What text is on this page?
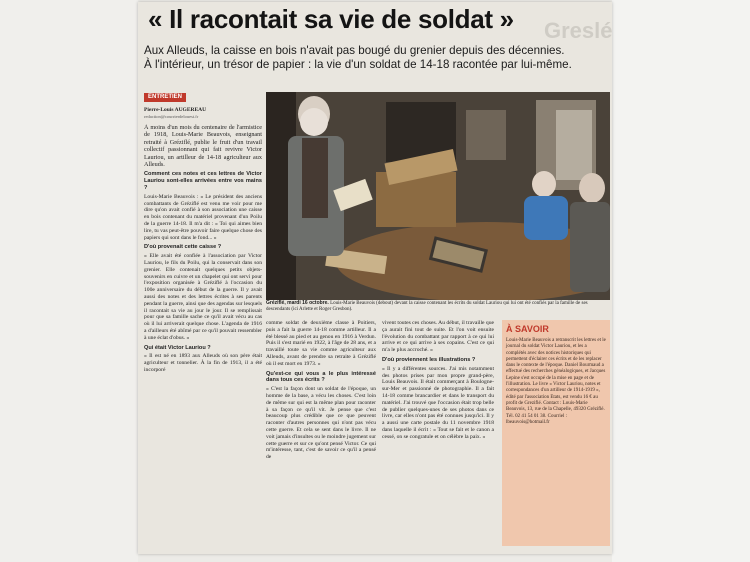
« Il racontait sa vie de soldat »	Greslé
Aux Alleuds, la caisse en bois n'avait pas bougé du grenier depuis des décennies.
À l'intérieur, un trésor de papier : la vie d'un soldat de 14-18 racontée par lui-même.
ENTRETIEN
Pierre-Louis AUGEREAU
redaction@courrierdelouest.fr

À moins d'un mois du centenaire de l'armistice de 1918, Louis-Marie Beauvois, enseignant retraité à Gréziflé, publie le fruit d'un travail collectif passionnant qui fait revivre Victor Lauriou, un artilleur de 14-18 agriculteur aux Alleuds.

Comment ces notes et ces lettres de Victor Lauriou sont-elles arrivées entre vos mains ?

Louis-Marie Beauvois : « Le président des anciens combattants de Gréziflé est venu me voir pour me dire qu'on avait confié à son association une caisse en bois contenant du matériel provenant d'un Poilu de la guerre 14-18. Il m'a dit : « Toi qui aimes bien lire, tu vas peut-être pouvoir faire quelque chose des papiers qui sont dans le fond... »

D'où provenait cette caisse ?

« Elle avait été confiée à l'association par Victor Lauriou, le fils du Poilu, qui la conservait dans son grenier. Elle contenait quelques petits objets-souvenirs en cuivre et un chapelet qui ont servi pour l'exposition organisée à Gréziflé à l'occasion du 100e anniversaire du début de la guerre. Il y avait aussi des notes et des lettres écrites à ses parents pendant la guerre, ainsi que des agendas sur lesquels il racontait sa vie au jour le jour. Il se remplissait pour que sa famille sache ce qu'il avait vécu au cas où il lui arriverait quelque chose. L'agenda de 1916 a d'ailleurs été abîmé par ce qu'il pouvait ressembler à une éclat d'obus. »

Qui était Victor Lauriou ?

« Il est né en 1893 aux Alleuds où son père était agriculteur et tonnelier. À la fin de 1913, il a été incorporé

Gréziflé, mardi 16 octobre. Louis-Marie Beauvois (debout) devant la caisse contenant les écrits du soldat Lauriou qui lui ont été confiés par la famille de ses descendants (ici Arlette et Roger Gresbon).

comme soldat de deuxième classe à Poitiers, puis a fait la guerre 14-18 comme artilleur. Il a été blessé au pied et au genou en 1916 à Verdun. Puis il s'est marié en 1922, à l'âge de 28 ans, et a travaillé toute sa vie comme agriculteur aux Alleuds, avant de prendre sa retraite à Gréziflé où il est mort en 1973. »

Qu'est-ce qui vous a le plus intéressé dans tous ces écrits ?

« C'est la façon dont un soldat de l'époque, un homme de la base, a vécu les choses. C'est loin de même sur qui est la même plan pour raconter à sa façon ce qu'il vit. Je pense que c'est beaucoup plus crédible que ce que peuvent raconter d'autres personnes qui n'ont pas vécu cette guerre. Et cela se sent dans le livre. Il ne voit jamais d'insultes ou le moindre jugement sur cette guerre et sur ce qu'ont pensé Victor. Ce qui m'intéresse, tant, c'est de savoir ce qu'il a pensé de

vivent toutes ces choses. Au début, il travaille que ça aurait fini tout de suite. Et l'on voit ensuite l'évolution du combattant par rapport à ce qui lui arrive et ce qui arrive à ses copains. C'est ce qui m'a le plus accroché. »

D'où proviennent les illustrations ?

« Il y a différentes sources. J'ai mis notamment des photos prises par mon propre grand-père, Louis Beauvois. Il était commerçant à Boulogne-sur-Mer et passionné de photographie. Il a fait 14-18 comme brancardier et dans le transport du matériel. J'ai trouvé que l'occasion était trop belle de publier quelques-unes de ses photos dans ce livre, car elles n'ont pas été connues jusqu'ici. Il y a aussi une carte postale du 11 novembre 1918 dans laquelle il écrit : « Tout se fait et le canon a cessé, on se congratule et on célèbre la paix. »

À SAVOIR
Louis-Marie Beauvois a retranscrit les lettres et le journal du soldat Victor Lauriou, et les a complétés avec des notices historiques qui permettent d'éclairer ces écrits et de les replacer dans le contexte de l'époque. Daniel Bourmaud a effectué des recherches généalogiques, et Jacques Lepine s'est occupé de la mise en page et de l'illustration. Le livre « Victor Lauriou, notes et correspondances d'un artilleur de 1914-1919 », édité par l'association Etats, est vendu 16 € au profit de Greziflé. Contact : Louis-Marie Beauvois, 13, rue de la Chapelle, 49320 Gréziflé. Tél. 02 41 54 01 38. Courriel : lbeauvois@hotmail.fr
